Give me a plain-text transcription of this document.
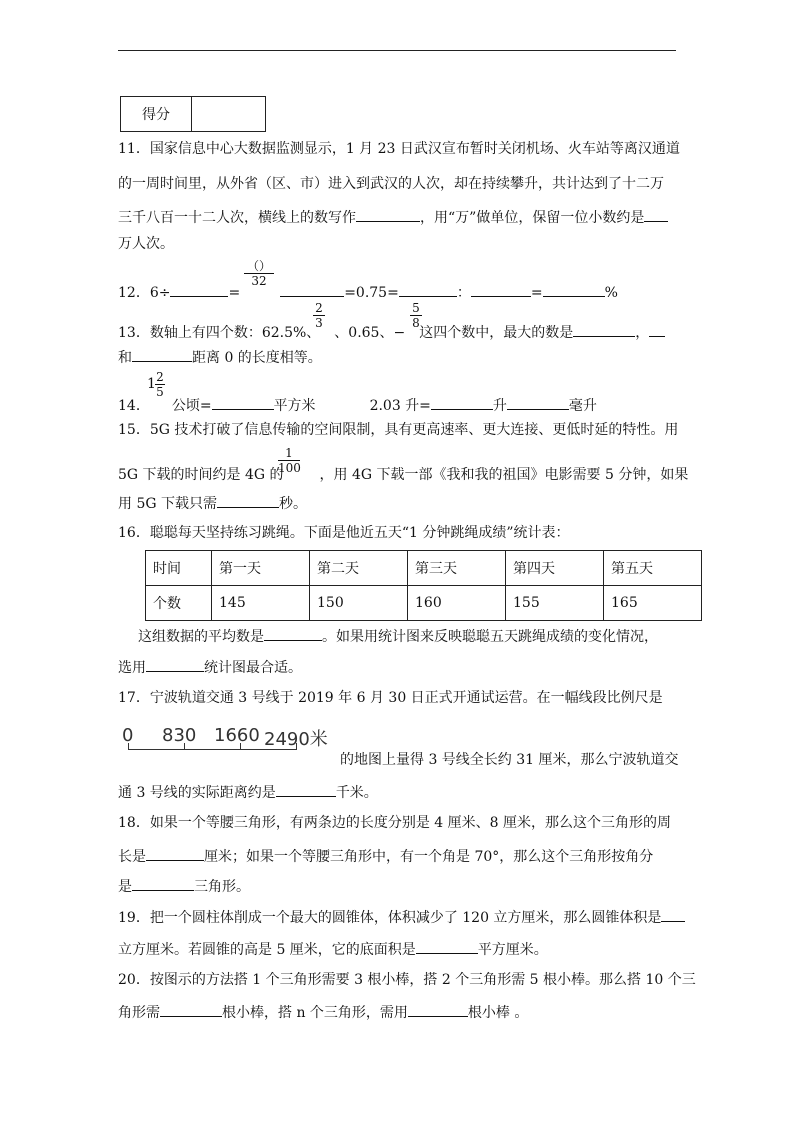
得分	
11．国家信息中心大数据监测显示，1 月 23 日武汉宣布暂时关闭机场、火车站等离汉通道
的一周时间里，从外省（区、市）进入到武汉的人次，却在持续攀升，共计达到了十二万
三千八百一十二人次，横线上的数写作	，用“万”做单位，保留一位小数约是
万人次。
（）
32
12．6÷	=	=0.75=	：	=	%
2
3
5
8
13．数轴上有四个数：62.5%、 、0.6̇5、− 这四个数中，最大的数是	，
和	距离 0 的长度相等。
1 2
5
14． 公顷=	平方米	2.03 升=	升	毫升
15．5G 技术打破了信息传输的空间限制，具有更高速率、更大连接、更低时延的特性。用
1
100
5G 下载的时间约是 4G 的	，用 4G 下载一部《我和我的祖国》电影需要 5 分钟，如果
用 5G 下载只需	秒。
16．聪聪每天坚持练习跳绳。下面是他近五天“1 分钟跳绳成绩”统计表：
时间	第一天	第二天	第三天	第四天	第五天
个数	145	150	160	155	165
这组数据的平均数是	。如果用统计图来反映聪聪五天跳绳成绩的变化情况，
选用	统计图最合适。
17．宁波轨道交通 3 号线于 2019 年 6 月 30 日正式开通试运营。在一幅线段比例尺是
0 830 1660 2490米
的地图上量得 3 号线全长约 31 厘米，那么宁波轨道交
通 3 号线的实际距离约是	千米。
18．如果一个等腰三角形，有两条边的长度分别是 4 厘米、8 厘米，那么这个三角形的周
长是	厘米；如果一个等腰三角形中，有一个角是 70°，那么这个三角形按角分
是	三角形。
19．把一个圆柱体削成一个最大的圆锥体，体积减少了 120 立方厘米，那么圆锥体积是
立方厘米。若圆锥的高是 5 厘米，它的底面积是	平方厘米。
20．按图示的方法搭 1 个三角形需要 3 根小棒，搭 2 个三角形需 5 根小棒。那么搭 10 个三
角形需	根小棒，搭 n 个三角形，需用	根小棒 。
